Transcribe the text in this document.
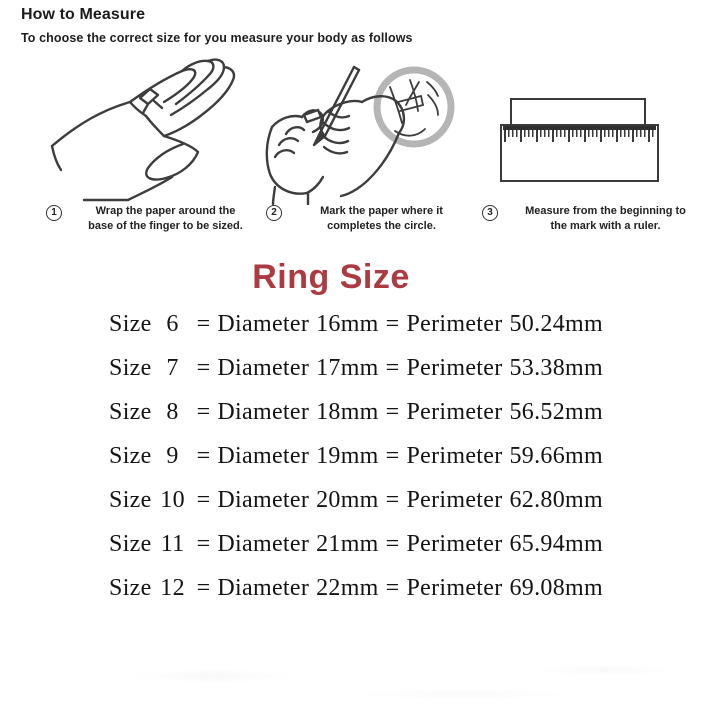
How to Measure
To choose the correct size for you measure your body as follows
1	Wrap the paper around the
base of the finger to be sized.
2	Mark the paper where it
completes the circle.
3	Measure from the beginning to
the mark with a ruler.
Ring Size
Size 6 = Diameter 16mm = Perimeter 50.24mm
Size 7 = Diameter 17mm = Perimeter 53.38mm
Size 8 = Diameter 18mm = Perimeter 56.52mm
Size 9 = Diameter 19mm = Perimeter 59.66mm
Size 10 = Diameter 20mm = Perimeter 62.80mm
Size 11 = Diameter 21mm = Perimeter 65.94mm
Size 12 = Diameter 22mm = Perimeter 69.08mm
